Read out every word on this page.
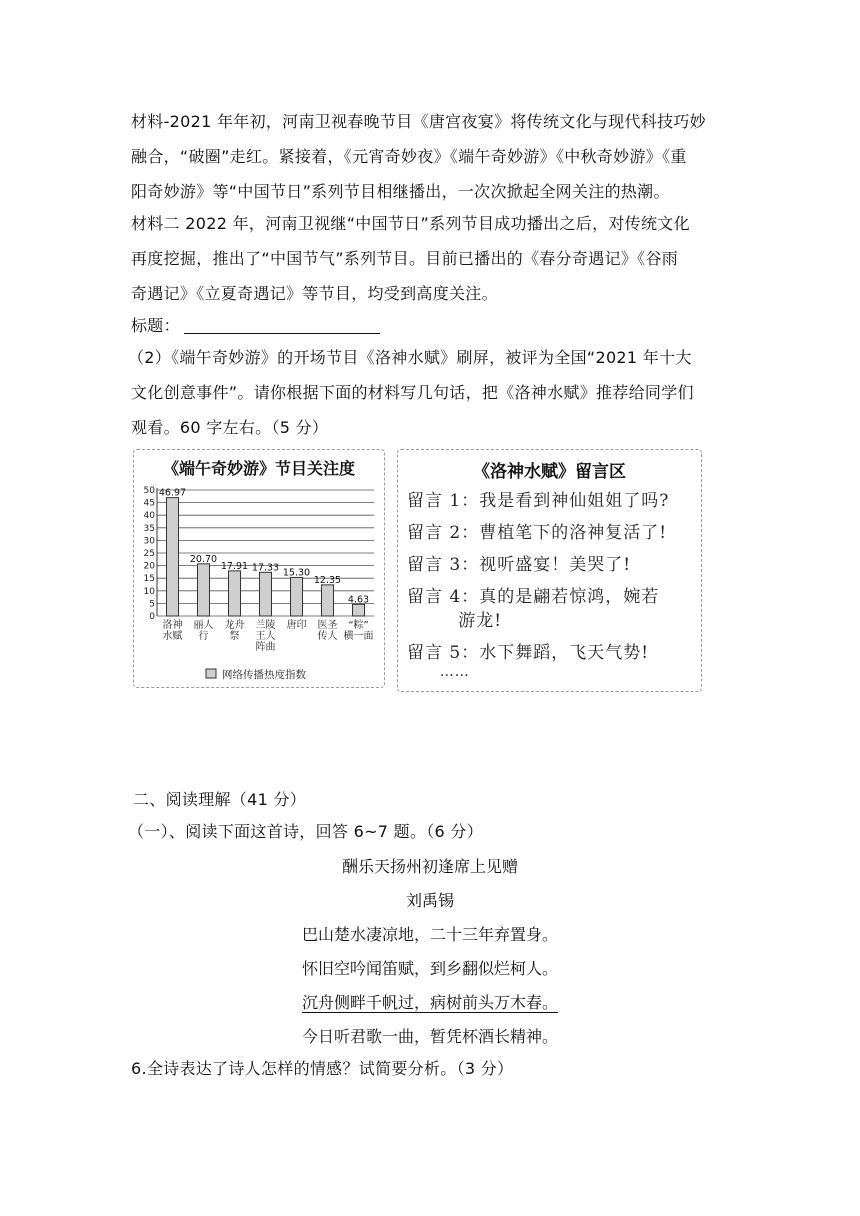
材料-2021 年年初，河南卫视春晚节目《唐宫夜宴》将传统文化与现代科技巧妙
融合，“破圈”走红。紧接着，《元宵奇妙夜》《端午奇妙游》《中秋奇妙游》《重
阳奇妙游》等“中国节日”系列节目相继播出，一次次掀起全网关注的热潮。
材料二 2022 年，河南卫视继“中国节日”系列节目成功播出之后，对传统文化
再度挖掘，推出了“中国节气”系列节目。目前已播出的《春分奇遇记》《谷雨
奇遇记》《立夏奇遇记》等节目，均受到高度关注。
标题：
（2）《端午奇妙游》的开场节目《洛神水赋》刷屏，被评为全国“2021 年十大
文化创意事件”。请你根据下面的材料写几句话，把《洛神水赋》推荐给同学们
观看。60 字左右。（5 分）
《端午奇妙游》节目关注度
0
5
10
15
20
25
30
35
40
45
50 46.97
洛神
水赋
20.70
丽人
行
17.91
龙舟
祭
17.33
兰陵
王人
阵曲
15.30
唐印
12.35
医圣
传人
4.63
“粽”
横一面
网络传播热度指数
《洛神水赋》留言区
留言 1：我是看到神仙姐姐了吗?
留言 2：曹植笔下的洛神复活了!
留言 3：视听盛宴！美哭了!
留言 4：真的是翩若惊鸿，婉若
游龙!
留言 5：水下舞蹈，飞天气势!
……
二、阅读理解（41 分）
（一）、阅读下面这首诗，回答 6~7 题。（6 分）
酬乐天扬州初逢席上见赠
刘禹锡
巴山楚水凄凉地，二十三年弃置身。
怀旧空吟闻笛赋，到乡翻似烂柯人。
沉舟侧畔千帆过，病树前头万木春。
今日听君歌一曲，暂凭杯酒长精神。
6.全诗表达了诗人怎样的情感？试简要分析。（3 分）
